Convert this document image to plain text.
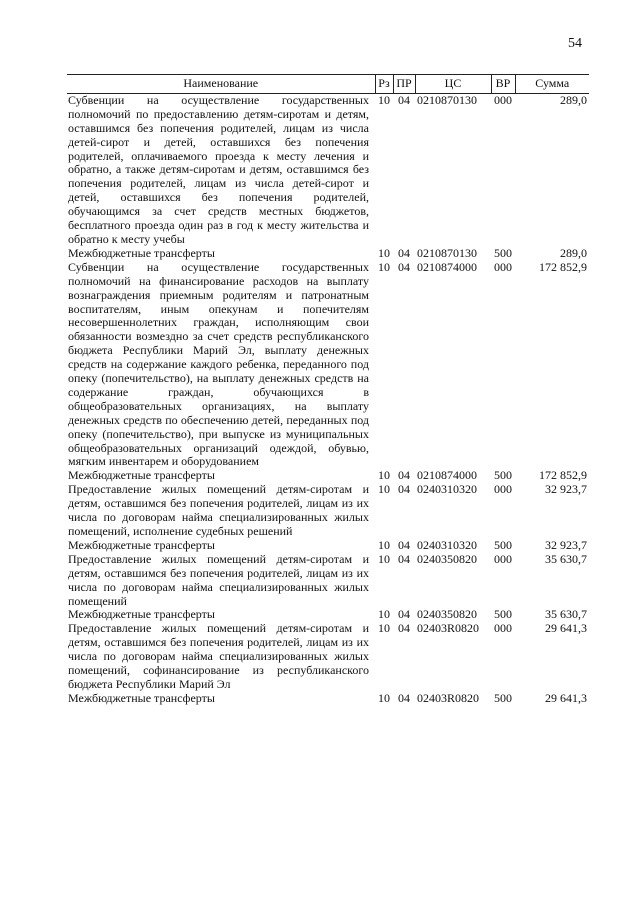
54
Наименование	Рз	ПР	ЦС	ВР	Сумма
Субвенции на осуществление государственных полномочий по предоставлению детям-сиротам и детям, оставшимся без попечения родителей, лицам из числа детей-сирот и детей, оставшихся без попечения родителей, оплачиваемого проезда к месту лечения и обратно, а также детям-сиротам и детям, оставшимся без попечения родителей, лицам из числа детей-сирот и детей, оставшихся без попечения родителей, обучающимся за счет средств местных бюджетов, бесплатного проезда один раз в год к месту жительства и обратно к месту учебы	10	04	0210870130	000	289,0
Межбюджетные трансферты	10	04	0210870130	500	289,0
Субвенции на осуществление государственных полномочий на финансирование расходов на выплату вознаграждения приемным родителям и патронатным воспитателям, иным опекунам и попечителям несовершеннолетних граждан, исполняющим свои обязанности возмездно за счет средств республиканского бюджета Республики Марий Эл, выплату денежных средств на содержание каждого ребенка, переданного под опеку (попечительство), на выплату денежных средств на содержание граждан, обучающихся в общеобразовательных организациях, на выплату денежных средств по обеспечению детей, переданных под опеку (попечительство), при выпуске из муниципальных общеобразовательных организаций одеждой, обувью, мягким инвентарем и оборудованием	10	04	0210874000	000	172 852,9
Межбюджетные трансферты	10	04	0210874000	500	172 852,9
Предоставление жилых помещений детям-сиротам и детям, оставшимся без попечения родителей, лицам из их числа по договорам найма специализированных жилых помещений, исполнение судебных решений	10	04	0240310320	000	32 923,7
Межбюджетные трансферты	10	04	0240310320	500	32 923,7
Предоставление жилых помещений детям-сиротам и детям, оставшимся без попечения родителей, лицам из их числа по договорам найма специализированных жилых помещений	10	04	0240350820	000	35 630,7
Межбюджетные трансферты	10	04	0240350820	500	35 630,7
Предоставление жилых помещений детям-сиротам и детям, оставшимся без попечения родителей, лицам из их числа по договорам найма специализированных жилых помещений, софинансирование из республиканского бюджета Республики Марий Эл	10	04	02403R0820	000	29 641,3
Межбюджетные трансферты	10	04	02403R0820	500	29 641,3
